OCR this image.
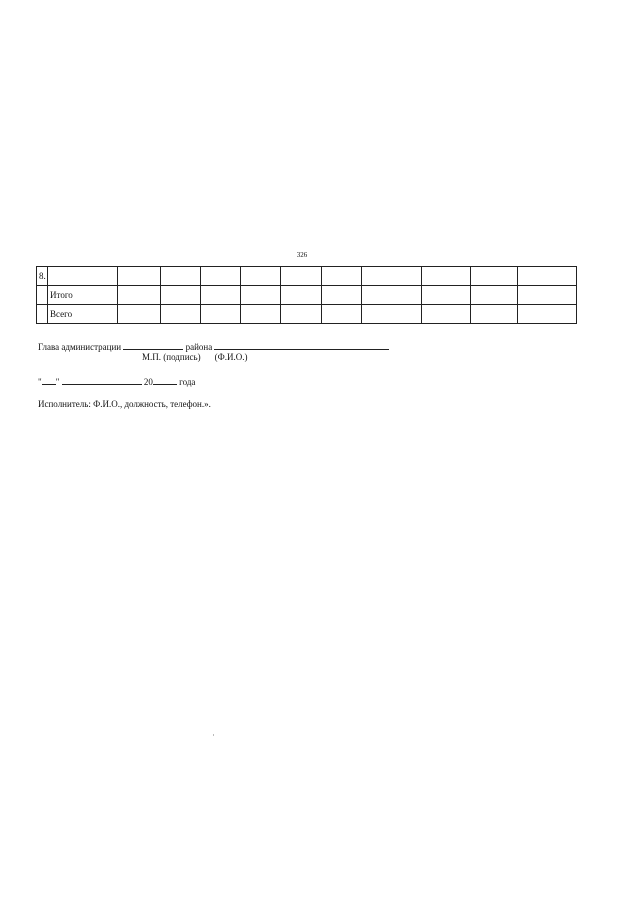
326
8.											
	Итого										
	Всего										
Глава администрации	района
М.П. (подпись) (Ф.И.О.)
" "	20	года
Исполнитель: Ф.И.О., должность, телефон.».
